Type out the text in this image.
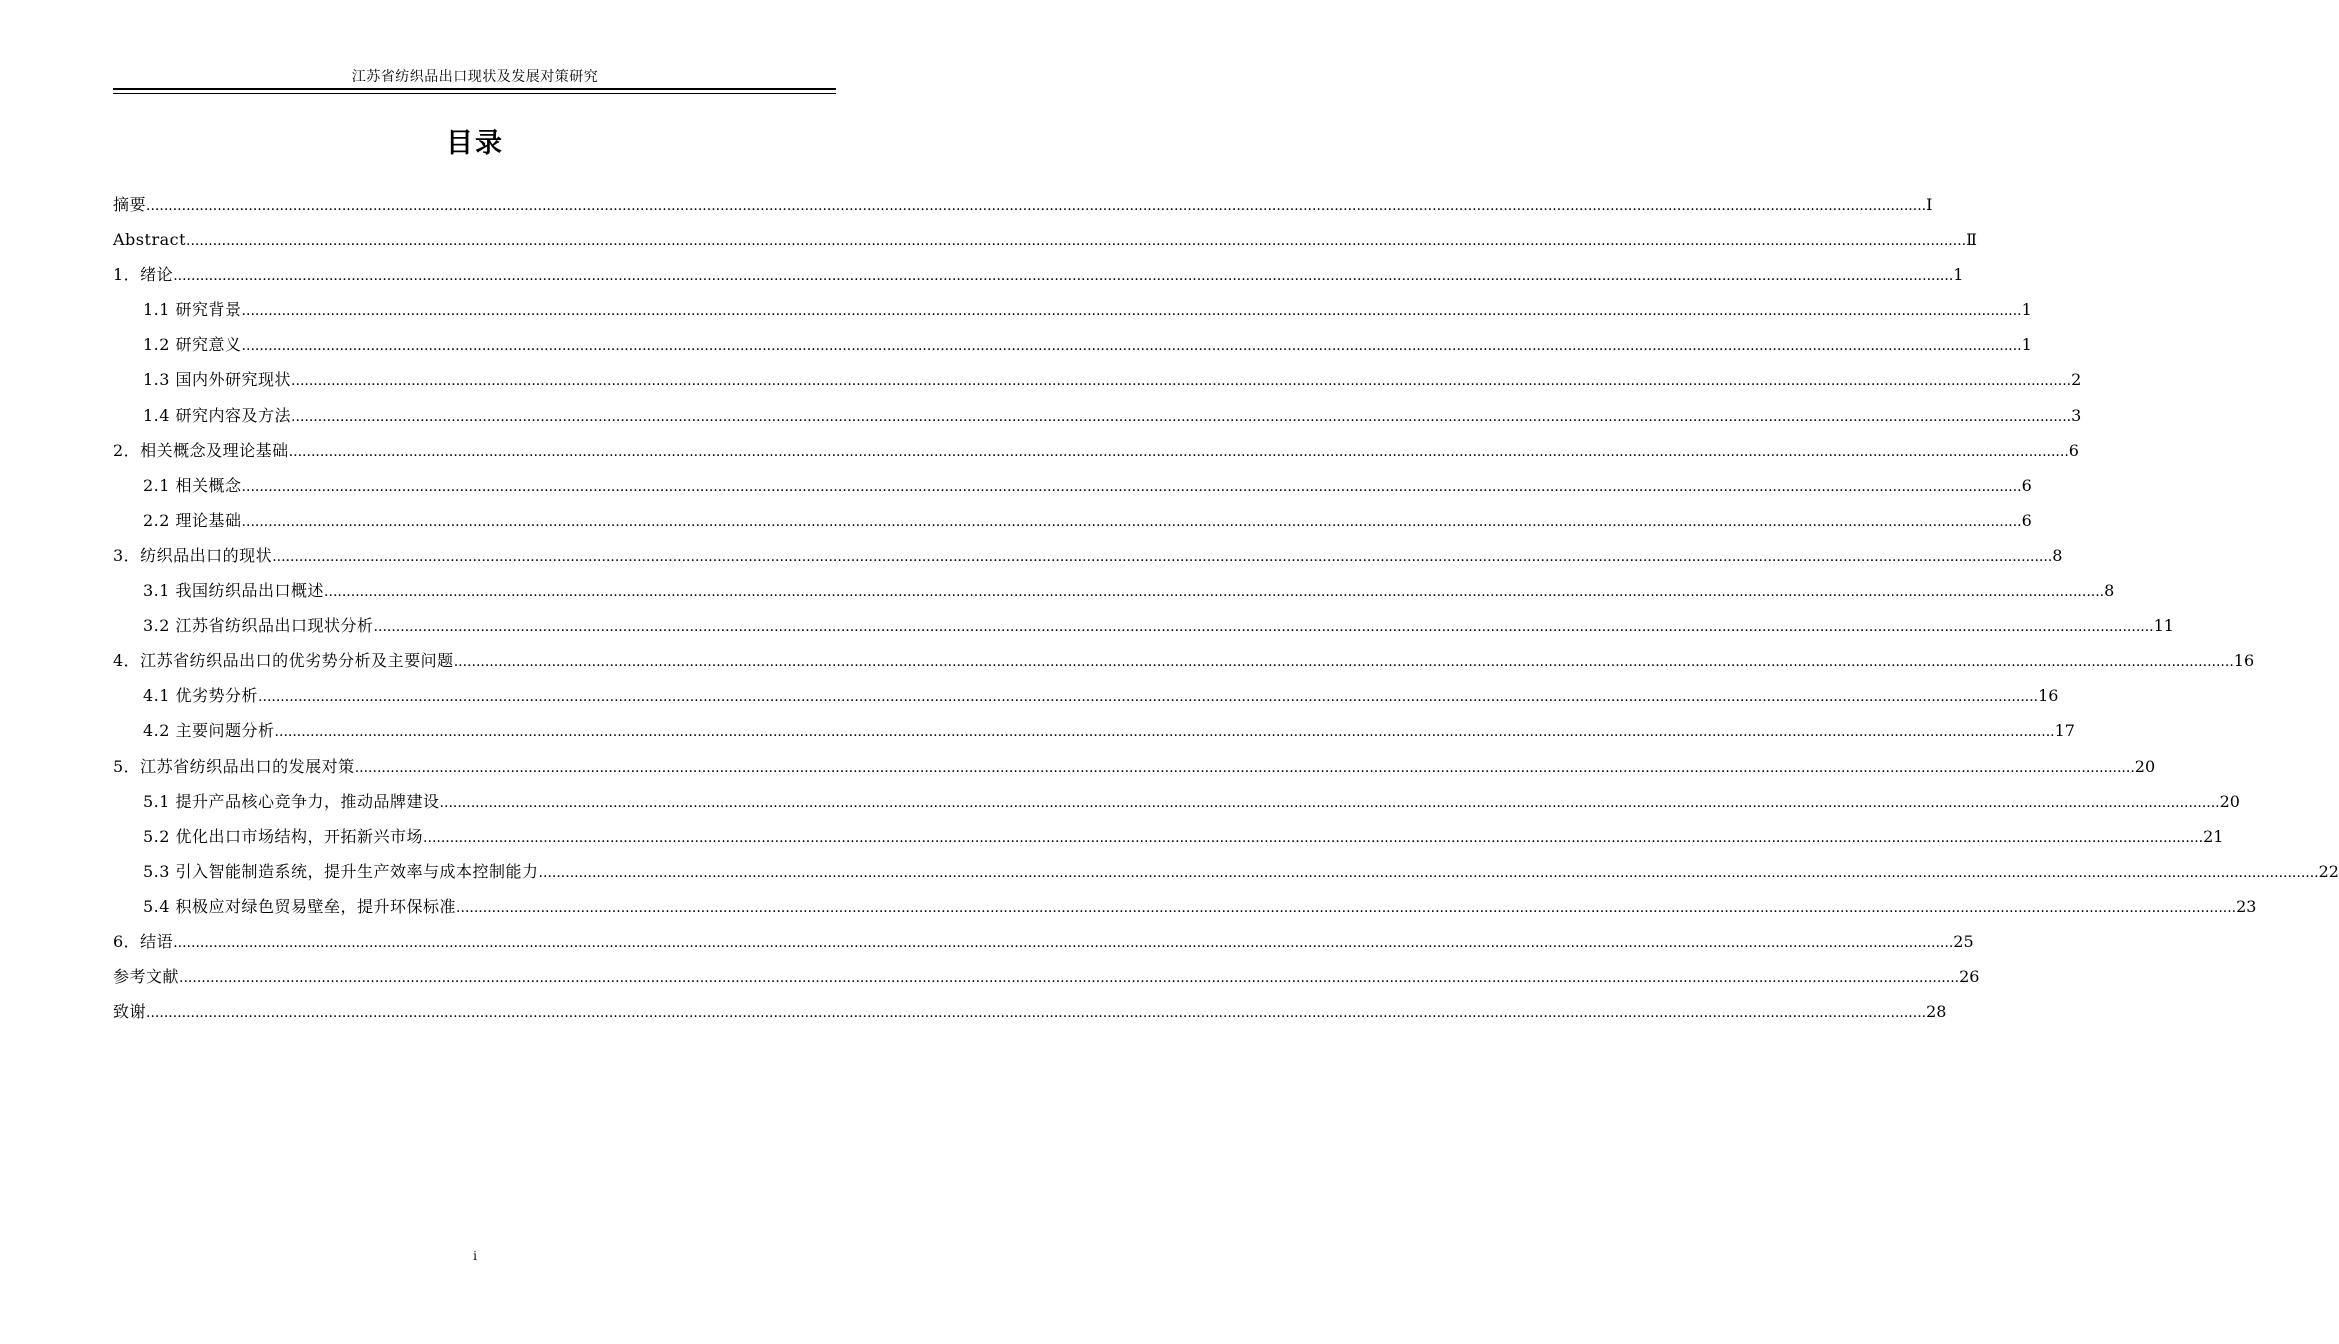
江苏省纺织品出口现状及发展对策研究
目录
摘要 ................................................................................................................................................................................................................................................................................................................................................................................................................ Ⅰ
Abstract ................................................................................................................................................................................................................................................................................................................................................................................................................ Ⅱ
1．绪论 ................................................................................................................................................................................................................................................................................................................................................................................................................ 1
1.1 研究背景 ................................................................................................................................................................................................................................................................................................................................................................................................................ 1
1.2 研究意义 ................................................................................................................................................................................................................................................................................................................................................................................................................ 1
1.3 国内外研究现状 ................................................................................................................................................................................................................................................................................................................................................................................................................ 2
1.4 研究内容及方法 ................................................................................................................................................................................................................................................................................................................................................................................................................ 3
2．相关概念及理论基础 ................................................................................................................................................................................................................................................................................................................................................................................................................ 6
2.1 相关概念 ................................................................................................................................................................................................................................................................................................................................................................................................................ 6
2.2 理论基础 ................................................................................................................................................................................................................................................................................................................................................................................................................ 6
3．纺织品出口的现状 ................................................................................................................................................................................................................................................................................................................................................................................................................ 8
3.1 我国纺织品出口概述 ................................................................................................................................................................................................................................................................................................................................................................................................................ 8
3.2 江苏省纺织品出口现状分析 ................................................................................................................................................................................................................................................................................................................................................................................................................ 11
4．江苏省纺织品出口的优劣势分析及主要问题 ................................................................................................................................................................................................................................................................................................................................................................................................................ 16
4.1 优劣势分析 ................................................................................................................................................................................................................................................................................................................................................................................................................ 16
4.2 主要问题分析 ................................................................................................................................................................................................................................................................................................................................................................................................................ 17
5．江苏省纺织品出口的发展对策 ................................................................................................................................................................................................................................................................................................................................................................................................................ 20
5.1 提升产品核心竞争力，推动品牌建设 ................................................................................................................................................................................................................................................................................................................................................................................................................ 20
5.2 优化出口市场结构，开拓新兴市场 ................................................................................................................................................................................................................................................................................................................................................................................................................ 21
5.3 引入智能制造系统，提升生产效率与成本控制能力 ................................................................................................................................................................................................................................................................................................................................................................................................................ 22
5.4 积极应对绿色贸易壁垒，提升环保标准 ................................................................................................................................................................................................................................................................................................................................................................................................................ 23
6．结语 ................................................................................................................................................................................................................................................................................................................................................................................................................ 25
参考文献 ................................................................................................................................................................................................................................................................................................................................................................................................................ 26
致谢 ................................................................................................................................................................................................................................................................................................................................................................................................................ 28
i
